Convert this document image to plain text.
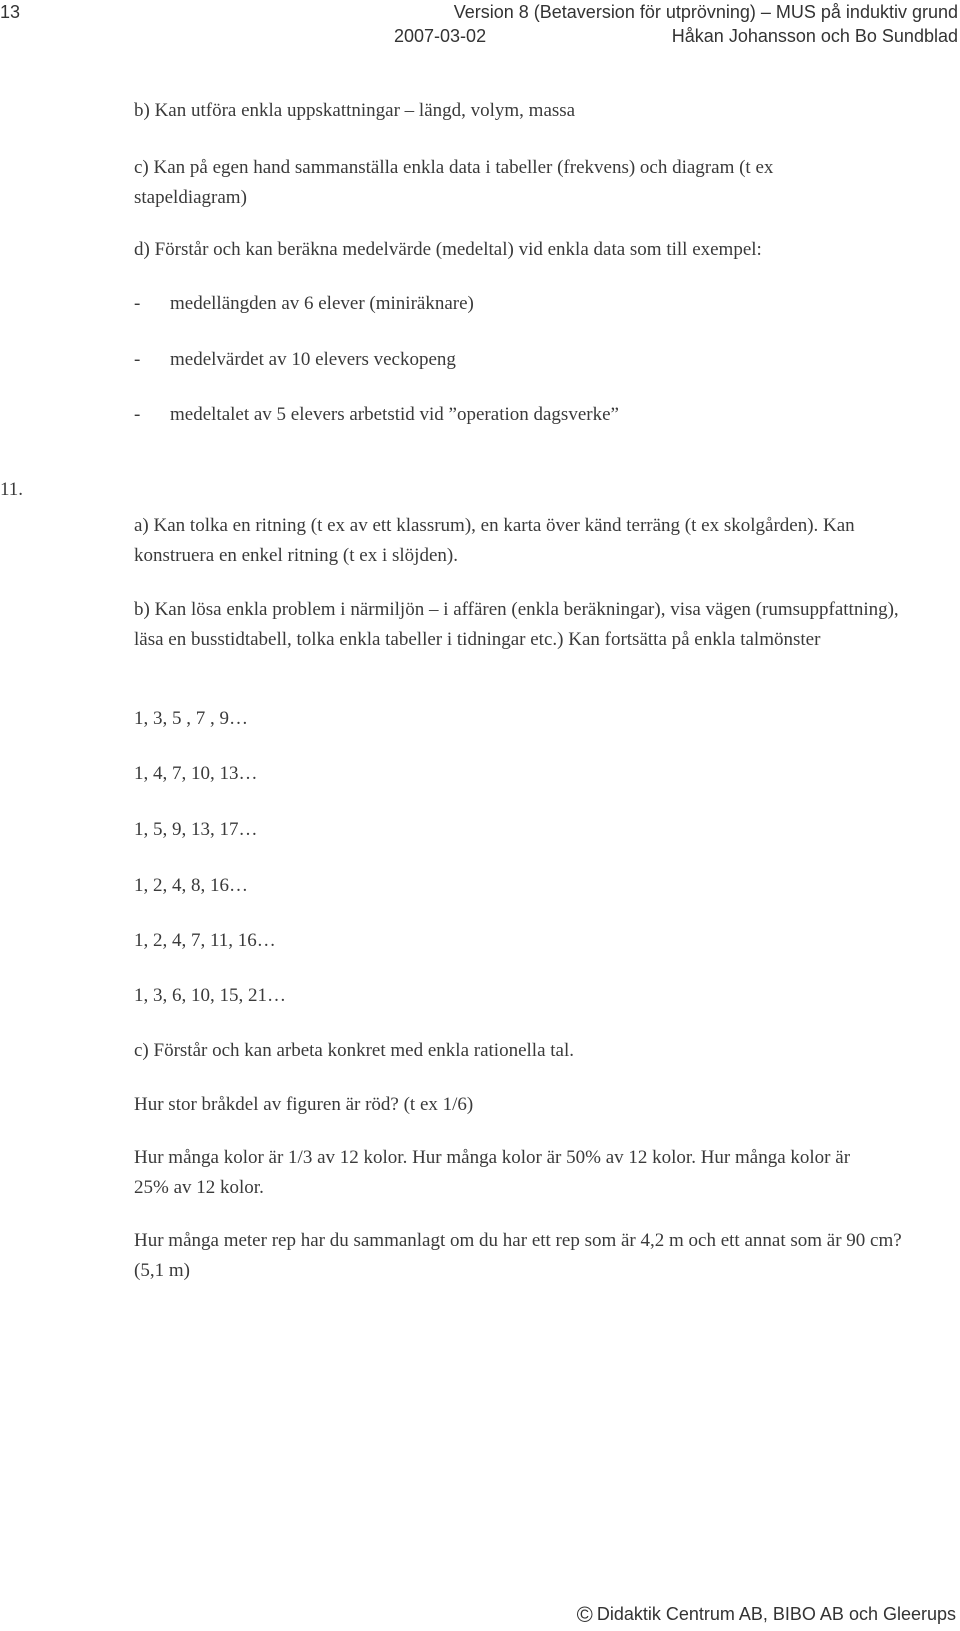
13	Version 8 (Betaversion för utprövning) – MUS på induktiv grund
2007-03-02	Håkan Johansson och Bo Sundblad
b) Kan utföra enkla uppskattningar – längd, volym, massa
c) Kan på egen hand sammanställa enkla data i tabeller (frekvens) och diagram (t ex
stapeldiagram)
d) Förstår och kan beräkna medelvärde (medeltal) vid enkla data som till exempel:
- medellängden av 6 elever (miniräknare)
- medelvärdet av 10 elevers veckopeng
- medeltalet av 5 elevers arbetstid vid ”operation dagsverke”
11.
a) Kan tolka en ritning (t ex av ett klassrum), en karta över känd terräng (t ex skolgården). Kan konstruera en enkel ritning (t ex i slöjden).
b) Kan lösa enkla problem i närmiljön – i affären (enkla beräkningar), visa vägen (rumsuppfattning), läsa en busstidtabell, tolka enkla tabeller i tidningar etc.) Kan fortsätta på enkla talmönster
1, 3, 5 , 7 , 9…
1, 4, 7, 10, 13…
1, 5, 9, 13, 17…
1, 2, 4, 8, 16…
1, 2, 4, 7, 11, 16…
1, 3, 6, 10, 15, 21…
c) Förstår och kan arbeta konkret med enkla rationella tal.
Hur stor bråkdel av figuren är röd? (t ex 1/6)
Hur många kolor är 1/3 av 12 kolor. Hur många kolor är 50% av 12 kolor. Hur många kolor är 25% av 12 kolor.
Hur många meter rep har du sammanlagt om du har ett rep som är 4,2 m och ett annat som är 90 cm? (5,1 m)
© Didaktik Centrum AB, BIBO AB och Gleerups
